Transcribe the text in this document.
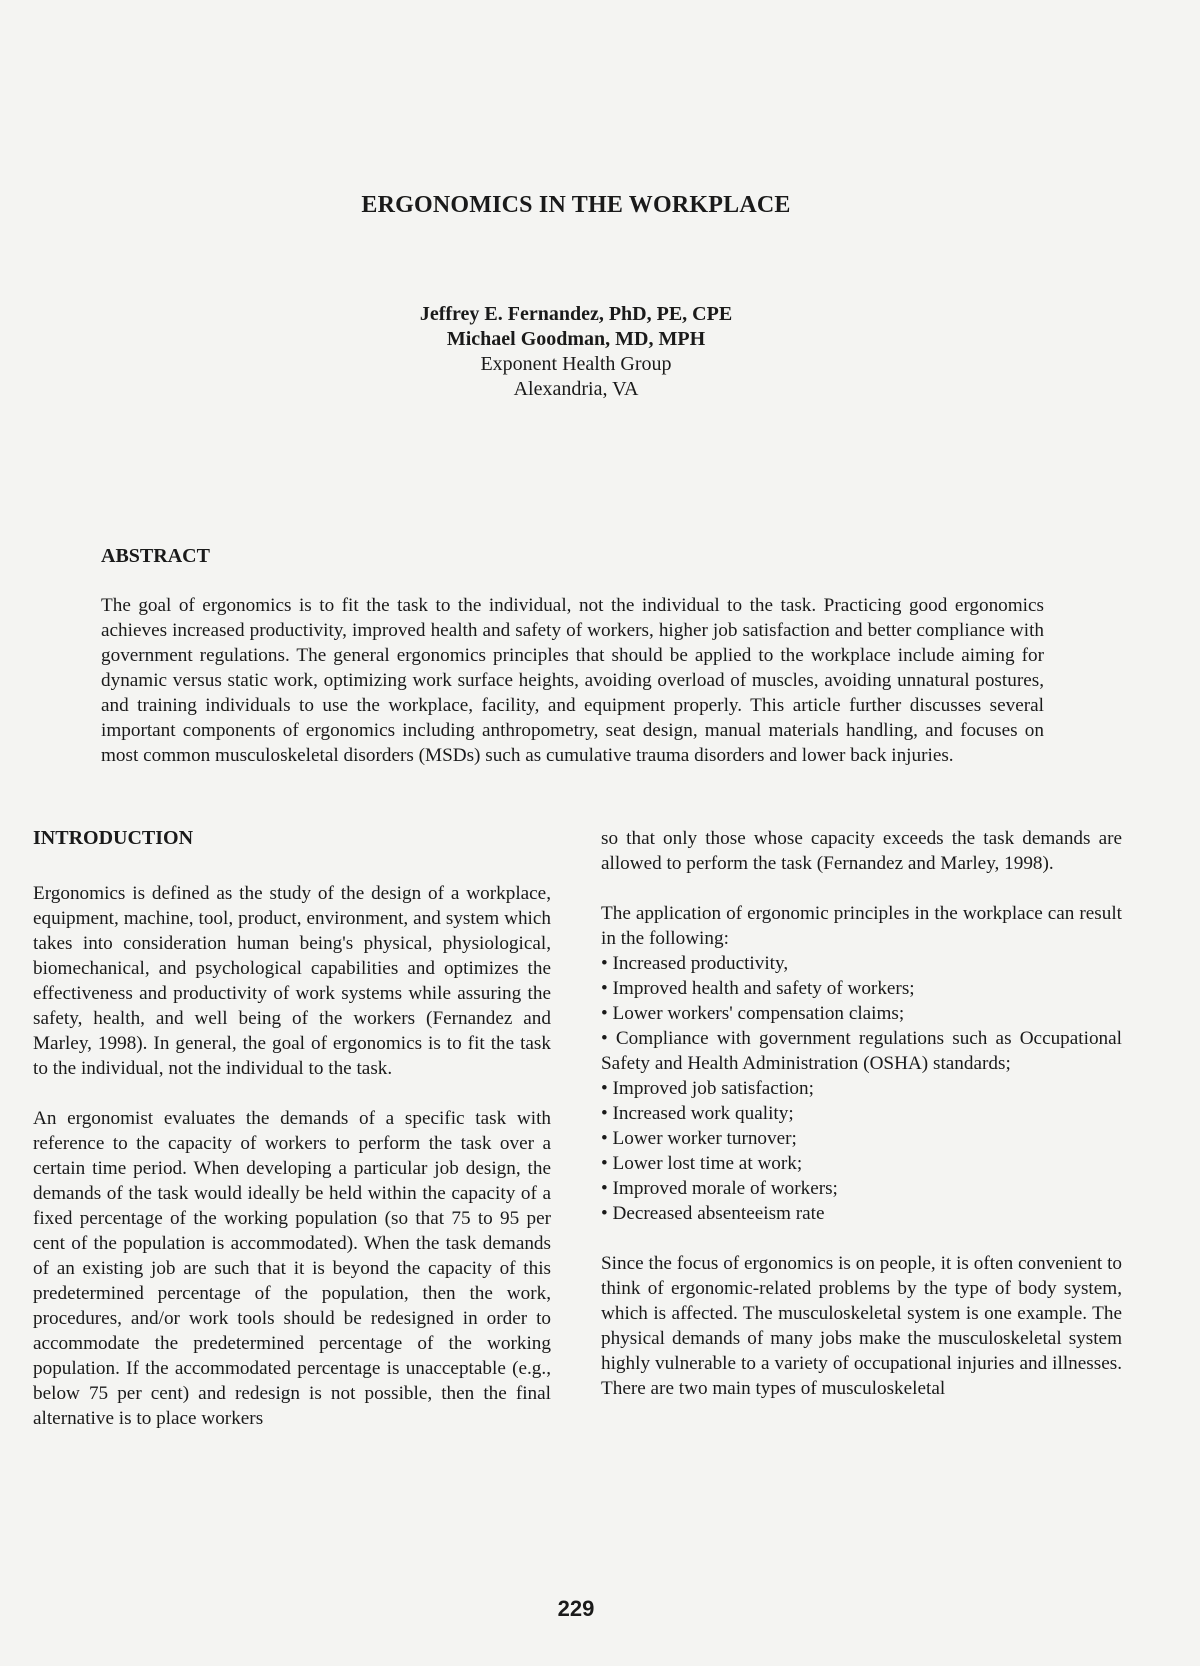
ERGONOMICS IN THE WORKPLACE
Jeffrey E. Fernandez, PhD, PE, CPE
Michael Goodman, MD, MPH
Exponent Health Group
Alexandria, VA
ABSTRACT

The goal of ergonomics is to fit the task to the individual, not the individual to the task. Practicing good ergonomics achieves increased productivity, improved health and safety of workers, higher job satisfaction and better compliance with government regulations. The general ergonomics principles that should be applied to the workplace include aiming for dynamic versus static work, optimizing work surface heights, avoiding overload of muscles, avoiding unnatural postures, and training individuals to use the workplace, facility, and equipment properly. This article further discusses several important components of ergonomics including anthropometry, seat design, manual materials handling, and focuses on most common musculoskeletal disorders (MSDs) such as cumulative trauma disorders and lower back injuries.

INTRODUCTION

Ergonomics is defined as the study of the design of a workplace, equipment, machine, tool, product, environment, and system which takes into consideration human being's physical, physiological, biomechanical, and psychological capabilities and optimizes the effectiveness and productivity of work systems while assuring the safety, health, and well being of the workers (Fernandez and Marley, 1998). In general, the goal of ergonomics is to fit the task to the individual, not the individual to the task.

An ergonomist evaluates the demands of a specific task with reference to the capacity of workers to perform the task over a certain time period. When developing a particular job design, the demands of the task would ideally be held within the capacity of a fixed percentage of the working population (so that 75 to 95 per cent of the population is accommodated). When the task demands of an existing job are such that it is beyond the capacity of this predetermined percentage of the population, then the work, procedures, and/or work tools should be redesigned in order to accommodate the predetermined percentage of the working population. If the accommodated percentage is unacceptable (e.g., below 75 per cent) and redesign is not possible, then the final alternative is to place workers

so that only those whose capacity exceeds the task demands are allowed to perform the task (Fernandez and Marley, 1998).

The application of ergonomic principles in the workplace can result in the following:

• Increased productivity,
• Improved health and safety of workers;
• Lower workers' compensation claims;
• Compliance with government regulations such as Occupational Safety and Health Administration (OSHA) standards;
• Improved job satisfaction;
• Increased work quality;
• Lower worker turnover;
• Lower lost time at work;
• Improved morale of workers;
• Decreased absenteeism rate

Since the focus of ergonomics is on people, it is often convenient to think of ergonomic-related problems by the type of body system, which is affected. The musculoskeletal system is one example. The physical demands of many jobs make the musculoskeletal system highly vulnerable to a variety of occupational injuries and illnesses. There are two main types of musculoskeletal

229
